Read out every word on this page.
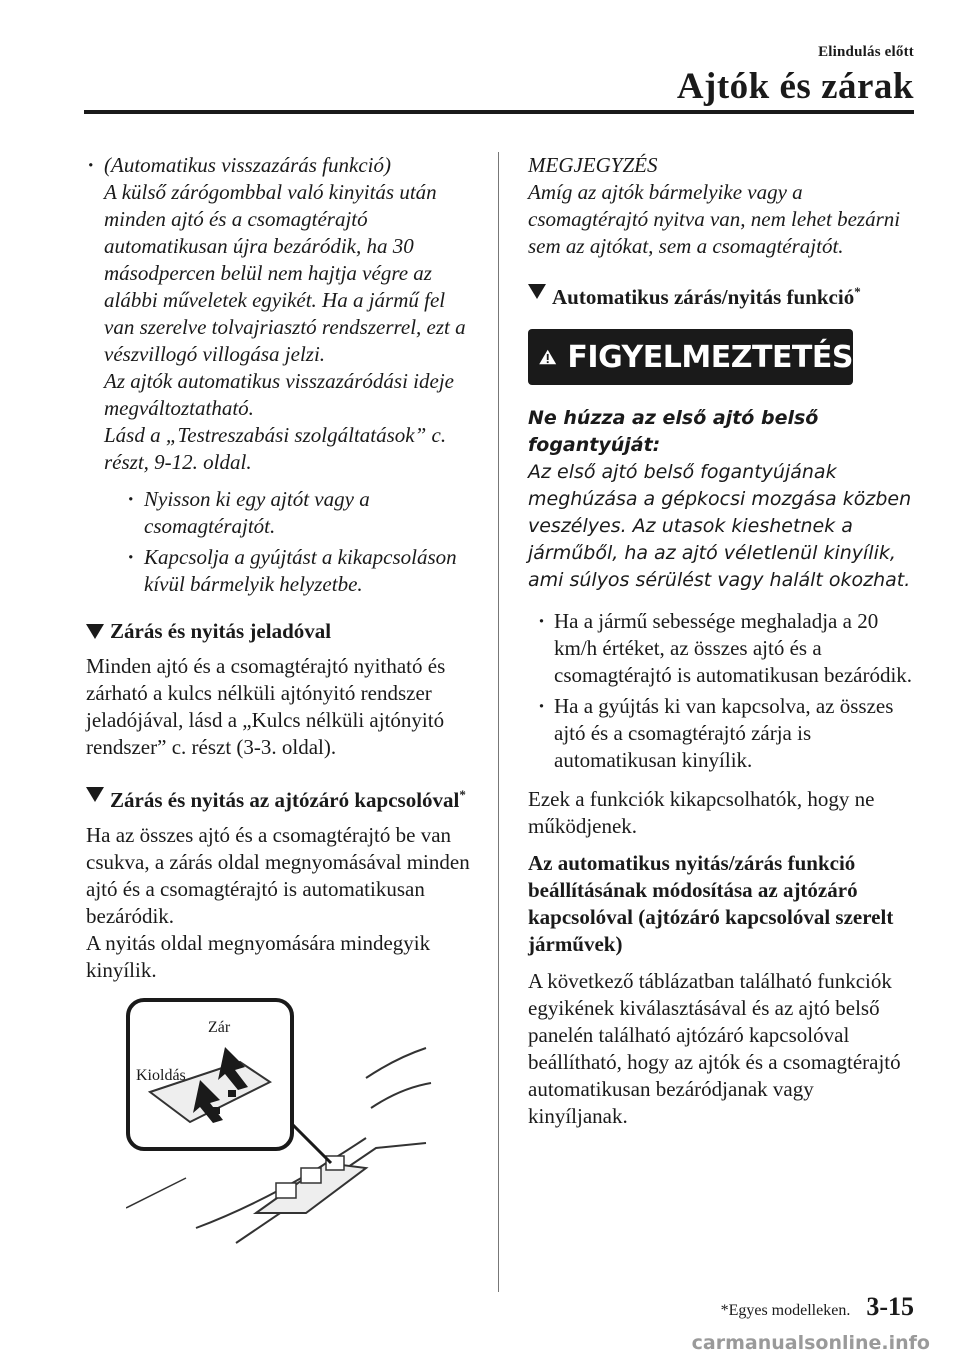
Elindulás előtt
Ajtók és zárak

· (Automatikus visszazárás funkció)

A külső zárógombbal való kinyitás után minden ajtó és a csomagtérajtó automatikusan újra bezáródik, ha 30 másodpercen belül nem hajtja végre az alábbi műveletek egyikét. Ha a jármű fel van szerelve tolvajriasztó rendszerrel, ezt a vészvillogó villogása jelzi.

Az ajtók automatikus visszazáródási ideje megváltoztatható.

Lásd a „Testreszabási szolgáltatások” c. részt, 9-12. oldal.

· Nyisson ki egy ajtót vagy a csomagtérajtót.
· Kapcsolja a gyújtást a kikapcsoláson kívül bármelyik helyzetbe.
Zárás és nyitás jeladóval

Minden ajtó és a csomagtérajtó nyitható és zárható a kulcs nélküli ajtónyitó rendszer jeladójával, lásd a „Kulcs nélküli ajtónyitó rendszer” c. részt (3-3. oldal).

Zárás és nyitás az ajtózáró kapcsolóval*

Ha az összes ajtó és a csomagtérajtó be van csukva, a zárás oldal megnyomásával minden ajtó és a csomagtérajtó is automatikusan bezáródik.

A nyitás oldal megnyomására mindegyik kinyílik.

Zár
Kioldás

MEGJEGYZÉS

Amíg az ajtók bármelyike vagy a csomagtérajtó nyitva van, nem lehet bezárni sem az ajtókat, sem a csomagtérajtót.

Automatikus zárás/nyitás funkció*
FIGYELMEZTETÉS

Ne húzza az első ajtó belső fogantyúját:

Az első ajtó belső fogantyújának meghúzása a gépkocsi mozgása közben veszélyes. Az utasok kieshetnek a járműből, ha az ajtó véletlenül kinyílik, ami súlyos sérülést vagy halált okozhat.

· Ha a jármű sebessége meghaladja a 20 km/h értéket, az összes ajtó és a csomagtérajtó is automatikusan bezáródik.
· Ha a gyújtás ki van kapcsolva, az összes ajtó és a csomagtérajtó zárja is automatikusan kinyílik.

Ezek a funkciók kikapcsolhatók, hogy ne működjenek.

Az automatikus nyitás/zárás funkció beállításának módosítása az ajtózáró kapcsolóval (ajtózáró kapcsolóval szerelt járművek)

A következő táblázatban található funkciók egyikének kiválasztásával és az ajtó belső panelén található ajtózáró kapcsolóval beállítható, hogy az ajtók és a csomagtérajtó automatikusan bezáródjanak vagy kinyíljanak.

*Egyes modelleken. 3-15
carmanualsonline.info
